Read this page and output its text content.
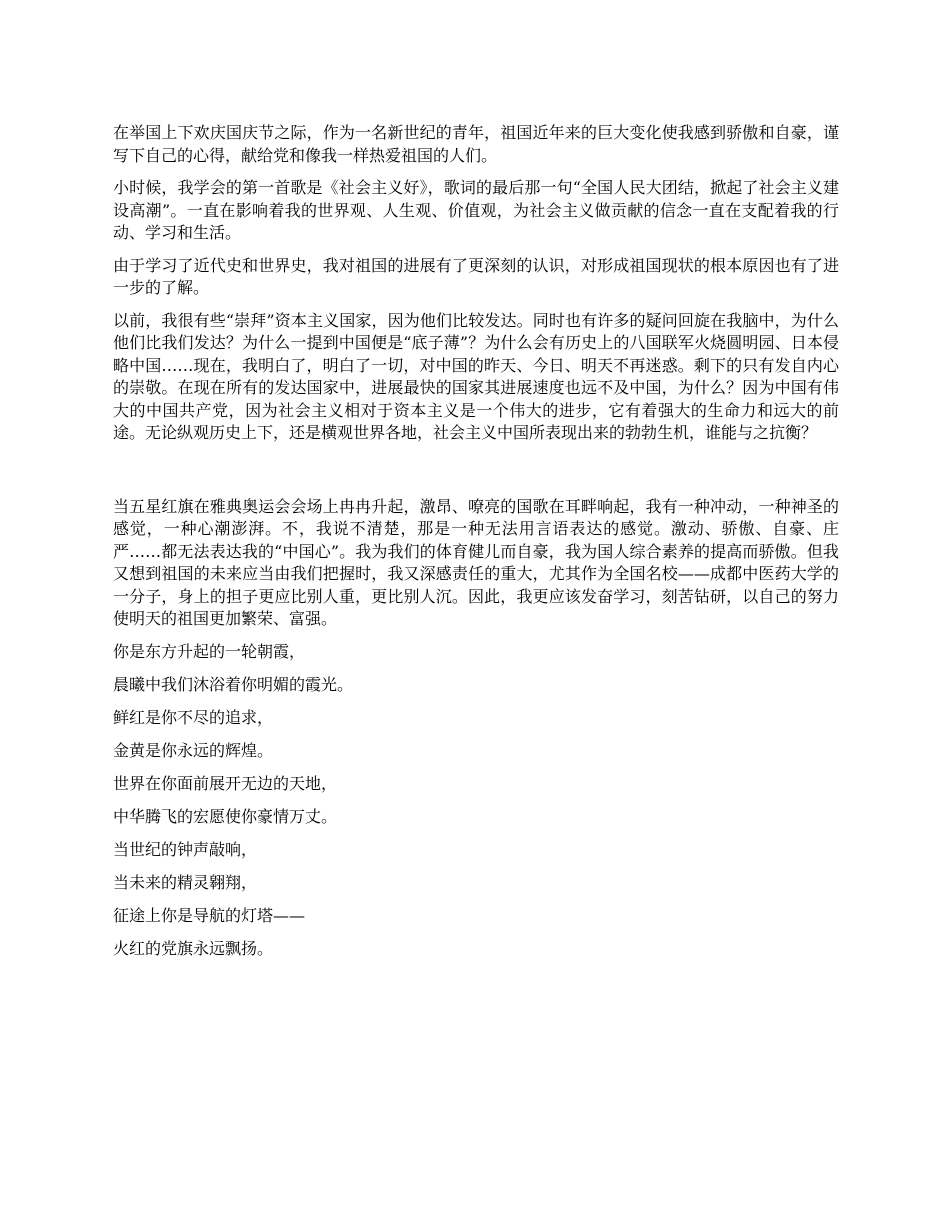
在举国上下欢庆国庆节之际，作为一名新世纪的青年，祖国近年来的巨大变化使我感到骄傲和自豪，谨写下自己的心得，献给党和像我一样热爱祖国的人们。

小时候，我学会的第一首歌是《社会主义好》，歌词的最后那一句“全国人民大团结，掀起了社会主义建设高潮”。一直在影响着我的世界观、人生观、价值观，为社会主义做贡献的信念一直在支配着我的行动、学习和生活。

由于学习了近代史和世界史，我对祖国的进展有了更深刻的认识，对形成祖国现状的根本原因也有了进一步的了解。

以前，我很有些“崇拜”资本主义国家，因为他们比较发达。同时也有许多的疑问回旋在我脑中，为什么他们比我们发达？为什么一提到中国便是“底子薄”？为什么会有历史上的八国联军火烧圆明园、日本侵略中国……现在，我明白了，明白了一切，对中国的昨天、今日、明天不再迷惑。剩下的只有发自内心的崇敬。在现在所有的发达国家中，进展最快的国家其进展速度也远不及中国，为什么？因为中国有伟大的中国共产党，因为社会主义相对于资本主义是一个伟大的进步，它有着强大的生命力和远大的前途。无论纵观历史上下，还是横观世界各地，社会主义中国所表现出来的勃勃生机，谁能与之抗衡？

当五星红旗在雅典奥运会会场上冉冉升起，激昂、嘹亮的国歌在耳畔响起，我有一种冲动，一种神圣的感觉，一种心潮澎湃。不，我说不清楚，那是一种无法用言语表达的感觉。激动、骄傲、自豪、庄严……都无法表达我的“中国心”。我为我们的体育健儿而自豪，我为国人综合素养的提高而骄傲。但我又想到祖国的未来应当由我们把握时，我又深感责任的重大，尤其作为全国名校——成都中医药大学的一分子，身上的担子更应比别人重，更比别人沉。因此，我更应该发奋学习，刻苦钻研，以自己的努力使明天的祖国更加繁荣、富强。

你是东方升起的一轮朝霞，

晨曦中我们沐浴着你明媚的霞光。

鲜红是你不尽的追求，

金黄是你永远的辉煌。

世界在你面前展开无边的天地，

中华腾飞的宏愿使你豪情万丈。

当世纪的钟声敲响，

当未来的精灵翱翔，

征途上你是导航的灯塔——

火红的党旗永远飘扬。
